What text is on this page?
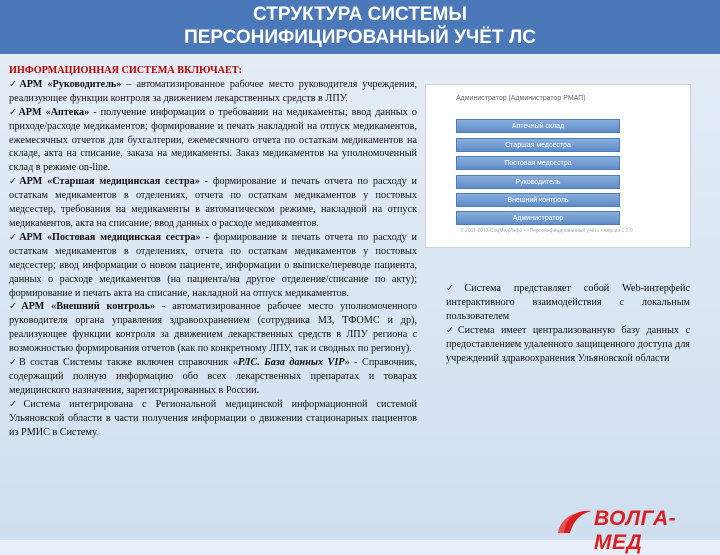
СТРУКТУРА СИСТЕМЫ
ПЕРСОНИФИЦИРОВАННЫЙ УЧЁТ ЛС

ИНФОРМАЦИОННАЯ СИСТЕМА ВКЛЮЧАЕТ:

✓АРМ «Руководитель» – автоматизированное рабочее место руководителя учреждения, реализующее функции контроля за движением лекарственных средств в ЛПУ.

✓АРМ «Аптека» - получение информации о требовании на медикаменты; ввод данных о приходе/расходе медикаментов; формирование и печать накладной на отпуск медикаментов, ежемесячных отчетов для бухгалтерии, ежемесячного отчета по остаткам медикаментов на складе, акта на списание, заказа на медикаменты. Заказ медикаментов на уполномоченный склад в режиме on-line.

✓АРМ «Старшая медицинская сестра» - формирование и печать отчета по расходу и остаткам медикаментов в отделениях, отчета по остаткам медикаментов у постовых медсестер, требования на медикаменты в автоматическом режиме, накладной на отпуск медикаментов, акта на списание; ввод данных о расходе медикаментов.

✓АРМ «Постовая медицинская сестра» - формирование и печать отчета по расходу и остаткам медикаментов в отделениях, отчета по остаткам медикаментов у постовых медсестер; ввод информации о новом пациенте, информации о выписке/переводе пациента, данных о расходе медикаментов (на пациента/на другое отделение/списание по акту); формирование и печать акта на списание, накладной на отпуск медикаментов.

✓АРМ «Внешний контроль» - автоматизированное рабочее место уполномоченного руководителя органа управления здравоохранением (сотрудника МЗ, ТФОМС и др), реализующее функции контроля за движением лекарственных средств в ЛПУ региона с возможностью формирования отчетов (как по конкретному ЛПУ, так и сводных по региону).

✓В состав Системы также включен справочник «РЛС. База данных VIP» - Справочник, содержащий полную информацию обо всех лекарственных препаратах и товарах медицинского назначения, зарегистрированных в России.

✓Система интегрирована с Региональной медицинской информационной системой Ульяновской области в части получения информации о движении стационарных пациентов из РМИС в Систему.

Администратор (Администратор РМАП)
Аптечный склад
Старшая медсестра
Постовая медсестра
Руководитель
Внешний контроль
Администратор
© 2011-2013 СоцМедИнфо • «Персонифицированный учёт» • версия 1.2.0

✓Система представляет собой Web-интерфейс интерактивного взаимодействия с локальным пользователем

✓Система имеет централизованную базу данных с предоставлением удаленного защищенного доступа для учреждений здравоохранения Ульяновской области

ВОЛГА-МЕД
